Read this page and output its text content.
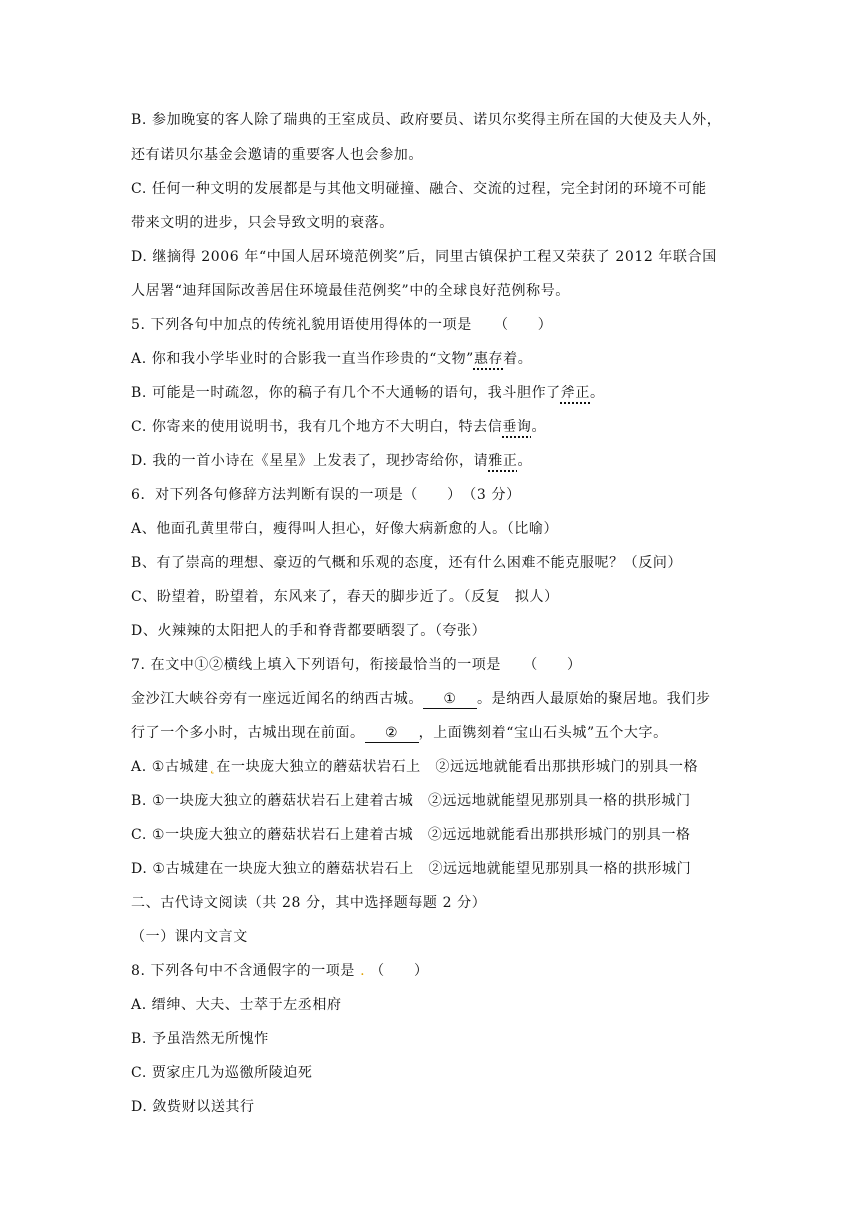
B. 参加晚宴的客人除了瑞典的王室成员、政府要员、诺贝尔奖得主所在国的大使及夫人外，

还有诺贝尔基金会邀请的重要客人也会参加。

C. 任何一种文明的发展都是与其他文明碰撞、融合、交流的过程，完全封闭的环境不可能

带来文明的进步，只会导致文明的衰落。

D. 继摘得 2006 年“中国人居环境范例奖”后，同里古镇保护工程又荣获了 2012 年联合国

人居署“迪拜国际改善居住环境最佳范例奖”中的全球良好范例称号。

5. 下列各句中加点的传统礼貌用语使用得体的一项是　　（　　）

A. 你和我小学毕业时的合影我一直当作珍贵的“文物”惠存着。

B. 可能是一时疏忽，你的稿子有几个不大通畅的语句，我斗胆作了斧正。

C. 你寄来的使用说明书，我有几个地方不大明白，特去信垂询。

D. 我的一首小诗在《星星》上发表了，现抄寄给你，请雅正。

6．对下列各句修辞方法判断有误的一项是（　　）　（3 分）

A、他面孔黄里带白，瘦得叫人担心，好像大病新愈的人。（比喻）

B、有了崇高的理想、豪迈的气概和乐观的态度，还有什么困难不能克服呢？（反问）

C、盼望着，盼望着，东风来了，春天的脚步近了。（反复　拟人）

D、火辣辣的太阳把人的手和脊背都要晒裂了。（夸张）

7. 在文中①②横线上填入下列语句，衔接最恰当的一项是　　（　　）

金沙江大峡谷旁有一座远近闻名的纳西古城。 ① 。是纳西人最原始的聚居地。我们步

行了一个多小时，古城出现在前面。 ② ，上面镌刻着“宝山石头城”五个大字。

A. ①古城建˛在一块庞大独立的蘑菇状岩石上　②远远地就能看出那拱形城门的别具一格

B. ①一块庞大独立的蘑菇状岩石上建着古城　②远远地就能望见那别具一格的拱形城门

C. ①一块庞大独立的蘑菇状岩石上建着古城　②远远地就能看出那拱形城门的别具一格

D. ①古城建在一块庞大独立的蘑菇状岩石上　②远远地就能望见那别具一格的拱形城门

二、古代诗文阅读（共 28 分，其中选择题每题 2 分）

（一）课内文言文

8. 下列各句中不含通假字的一项是 . （　　）

A. 缙绅、大夫、士萃于左丞相府

B. 予虽浩然无所愧怍

C. 贾家庄几为巡徼所陵迫死

D. 敛赀财以送其行
